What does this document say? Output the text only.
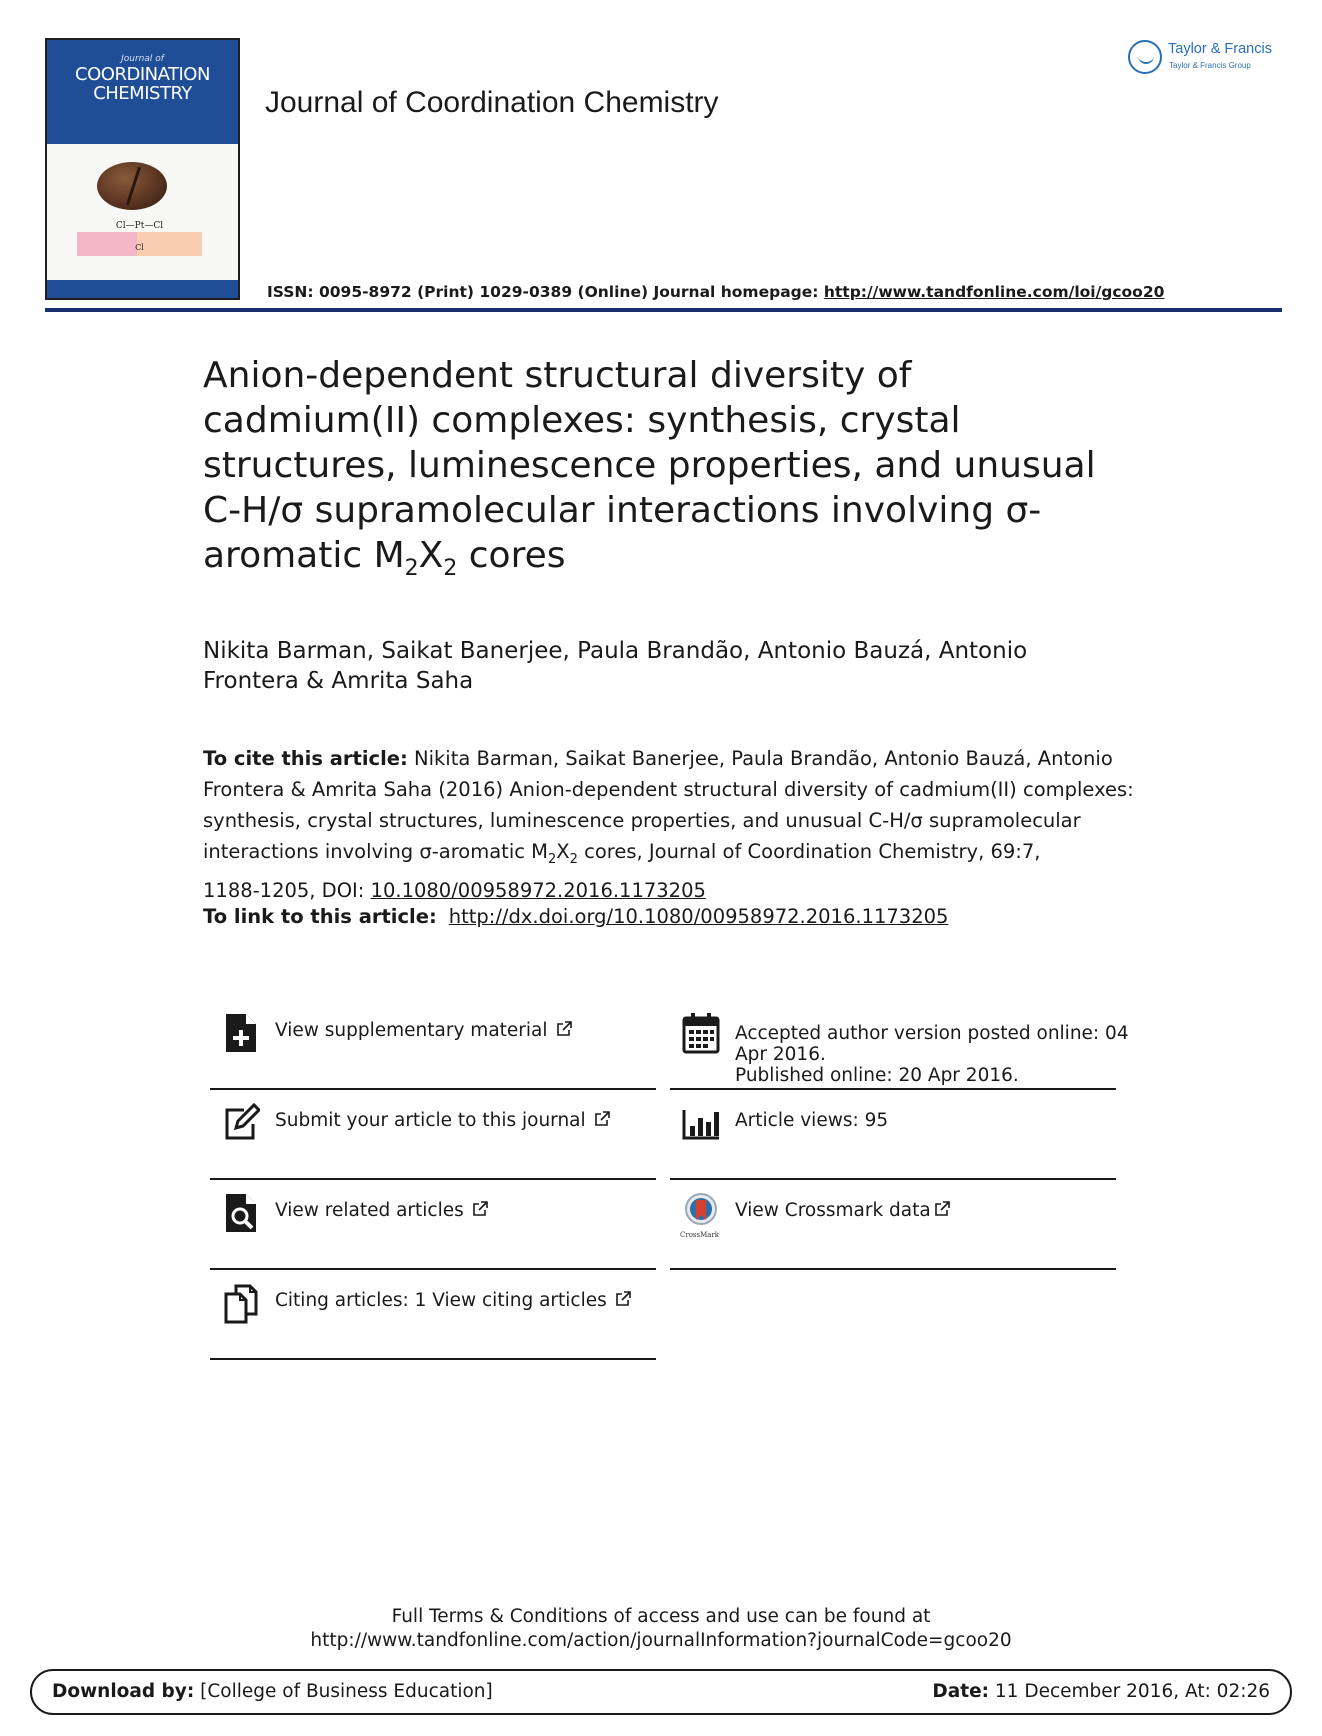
Journal of
COORDINATION
CHEMISTRY
Cl—Pt—Cl
Cl
Journal of Coordination Chemistry
Taylor & Francis
Taylor & Francis Group
ISSN: 0095-8972 (Print) 1029-0389 (Online) Journal homepage: http://www.tandfonline.com/loi/gcoo20
Anion-dependent structural diversity of
cadmium(II) complexes: synthesis, crystal
structures, luminescence properties, and unusual
C-H/σ supramolecular interactions involving σ-
aromatic $M_2X_2$ cores
Nikita Barman, Saikat Banerjee, Paula Brandão, Antonio Bauzá, Antonio
Frontera & Amrita Saha
To cite this article: Nikita Barman, Saikat Banerjee, Paula Brandão, Antonio Bauzá, Antonio
Frontera & Amrita Saha (2016) Anion-dependent structural diversity of cadmium(II) complexes:
synthesis, crystal structures, luminescence properties, and unusual C-H/σ supramolecular
interactions involving σ-aromatic $M_2X_2$ cores, Journal of Coordination Chemistry, 69:7,
1188-1205, DOI: 10.1080/00958972.2016.1173205
To link to this article: http://dx.doi.org/10.1080/00958972.2016.1173205
View supplementary material	Accepted author version posted online: 04
Apr 2016.
Published online: 20 Apr 2016.
Submit your article to this journal	Article views: 95
View related articles
CrossMark
View Crossmark data
Citing articles: 1 View citing articles
Full Terms & Conditions of access and use can be found at
http://www.tandfonline.com/action/journalInformation?journalCode=gcoo20
Download by: [College of Business Education]	Date: 11 December 2016, At: 02:26
